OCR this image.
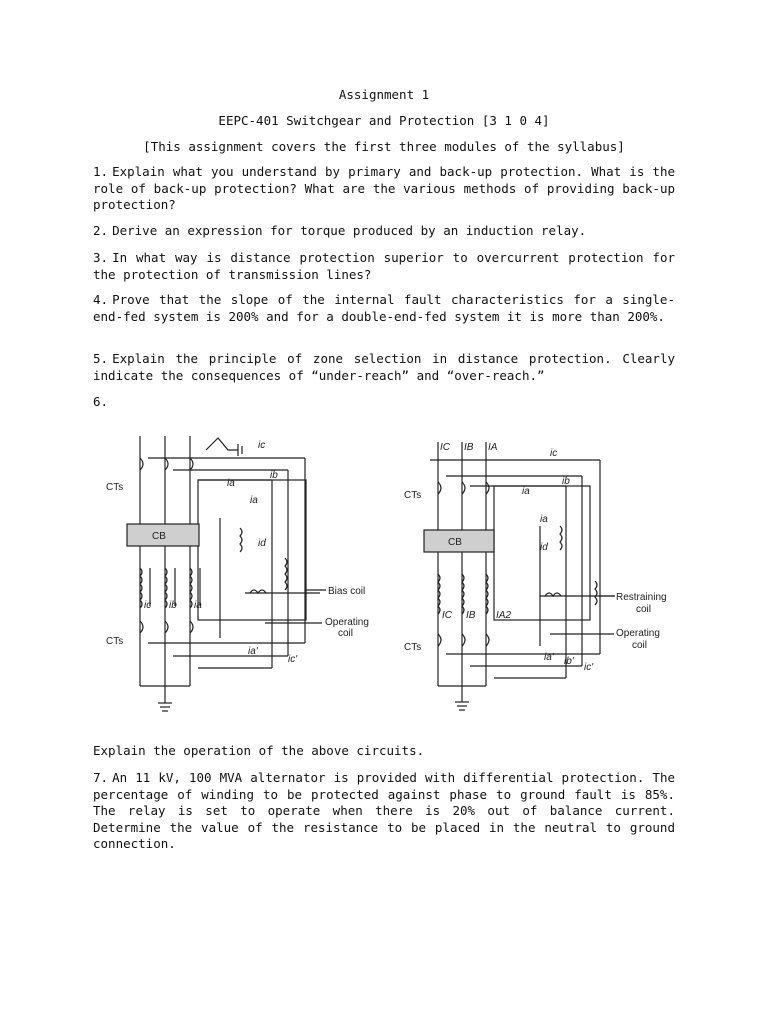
Assignment 1
EEPC-401 Switchgear and Protection [3 1 0 4]
[This assignment covers the first three modules of the syllabus]
1. Explain what you understand by primary and back-up protection. What is the role of back-up protection? What are the various methods of providing back-up protection?
2. Derive an expression for torque produced by an induction relay.
3. In what way is distance protection superior to overcurrent protection for the protection of transmission lines?
4. Prove that the slope of the internal fault characteristics for a single-end-fed system is 200% and for a double-end-fed system it is more than 200%.
5. Explain the principle of zone selection in distance protection. Clearly indicate the consequences of “under-reach” and “over-reach.”
6.
CTs
CTs
CB
Bias coil
Operating
coil
ic
ia
ib
ia
id
ic ib ia
ia'
ic'
CTs
CTs
CB
Restraining
coil
Operating
coil
IC IB IA
ic
ia
ib
ia
id
IC IB IA2
ia' ib'
ic'
Explain the operation of the above circuits.
7. An 11 kV, 100 MVA alternator is provided with differential protection. The percentage of winding to be protected against phase to ground fault is 85%. The relay is set to operate when there is 20% out of balance current. Determine the value of the resistance to be placed in the neutral to ground connection.
